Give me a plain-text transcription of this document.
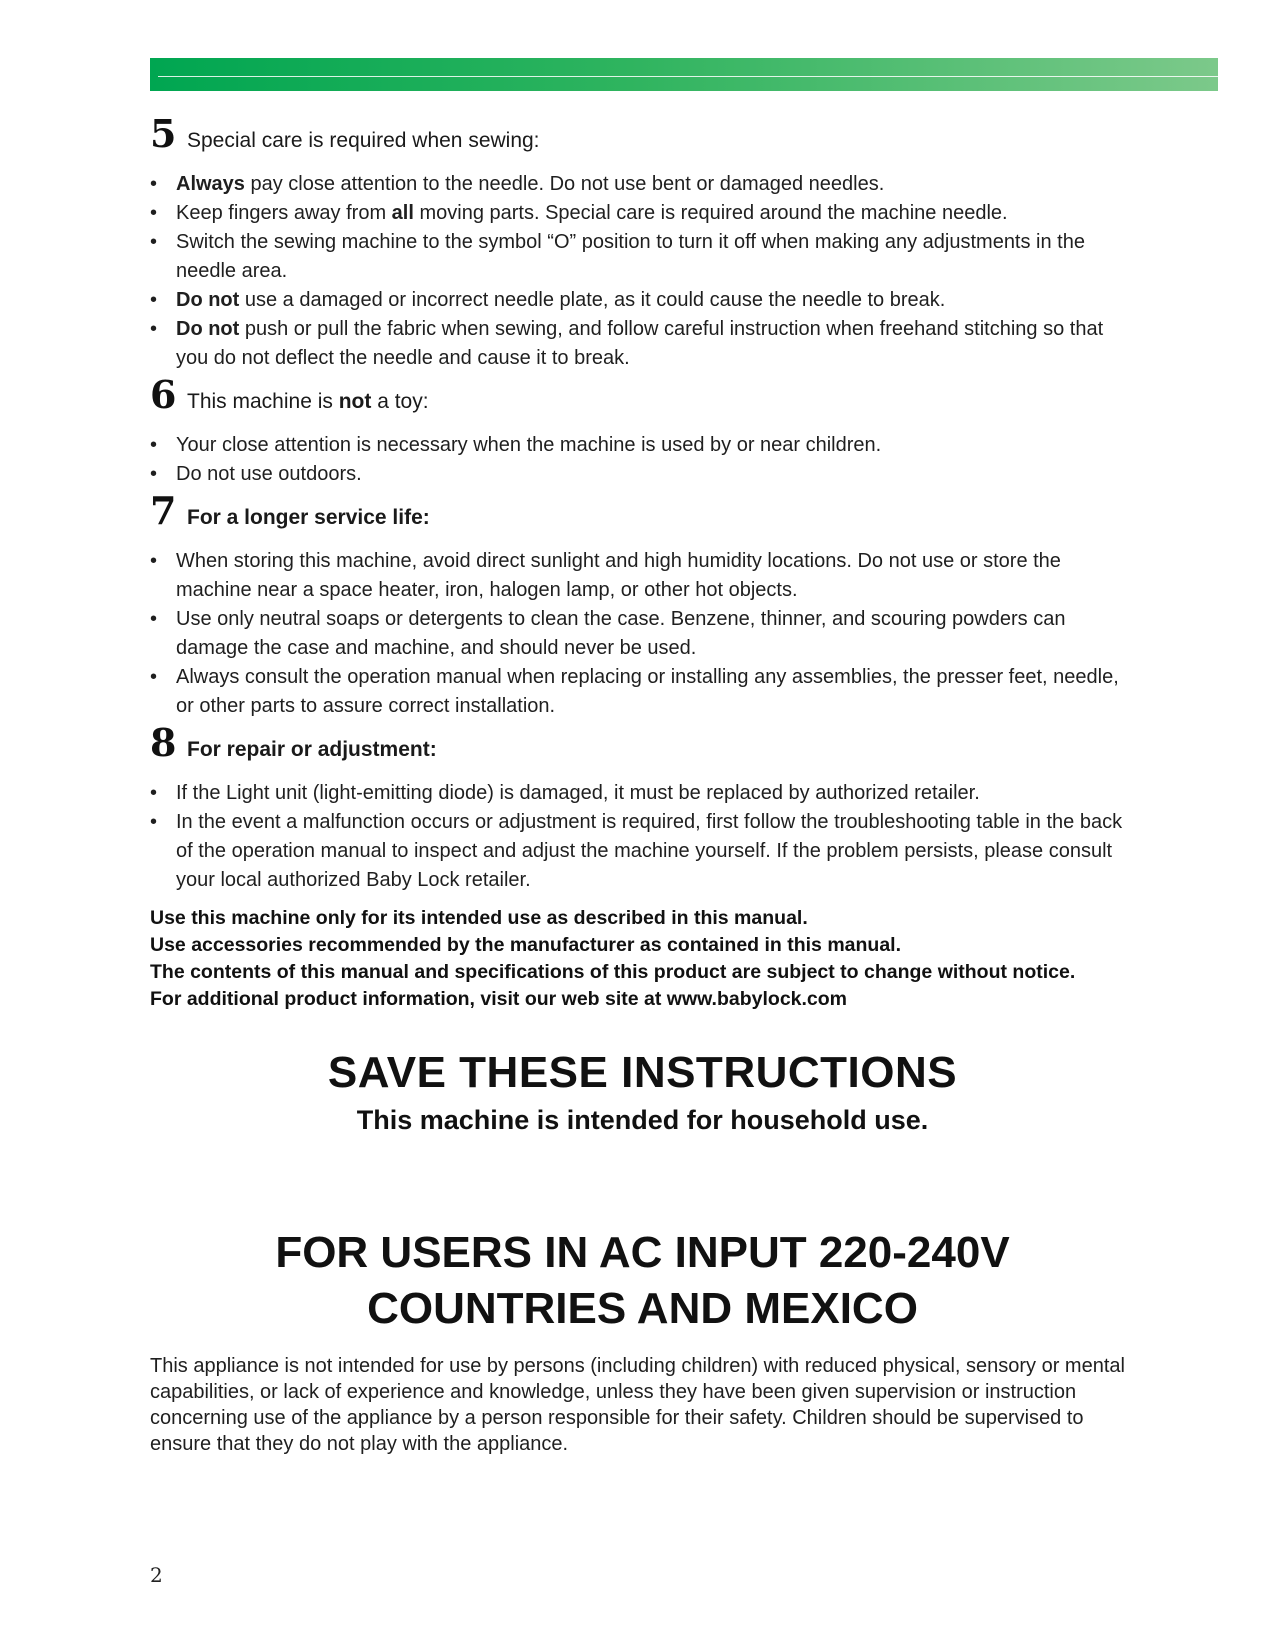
5 Special care is required when sewing:
• Always pay close attention to the needle. Do not use bent or damaged needles.
• Keep fingers away from all moving parts. Special care is required around the machine needle.
• Switch the sewing machine to the symbol “O” position to turn it off when making any adjustments in the needle area.
• Do not use a damaged or incorrect needle plate, as it could cause the needle to break.
• Do not push or pull the fabric when sewing, and follow careful instruction when freehand stitching so that you do not deflect the needle and cause it to break.
6 This machine is not a toy:
• Your close attention is necessary when the machine is used by or near children.
• Do not use outdoors.
7 For a longer service life:
• When storing this machine, avoid direct sunlight and high humidity locations. Do not use or store the machine near a space heater, iron, halogen lamp, or other hot objects.
• Use only neutral soaps or detergents to clean the case. Benzene, thinner, and scouring powders can damage the case and machine, and should never be used.
• Always consult the operation manual when replacing or installing any assemblies, the presser feet, needle, or other parts to assure correct installation.
8 For repair or adjustment:
• If the Light unit (light-emitting diode) is damaged, it must be replaced by authorized retailer.
• In the event a malfunction occurs or adjustment is required, first follow the troubleshooting table in the back of the operation manual to inspect and adjust the machine yourself. If the problem persists, please consult your local authorized Baby Lock retailer.

Use this machine only for its intended use as described in this manual.

Use accessories recommended by the manufacturer as contained in this manual.

The contents of this manual and specifications of this product are subject to change without notice.

For additional product information, visit our web site at www.babylock.com

SAVE THESE INSTRUCTIONS
This machine is intended for household use.
FOR USERS IN AC INPUT 220-240V
COUNTRIES AND MEXICO
This appliance is not intended for use by persons (including children) with reduced physical, sensory or mental capabilities, or lack of experience and knowledge, unless they have been given supervision or instruction concerning use of the appliance by a person responsible for their safety. Children should be supervised to ensure that they do not play with the appliance.
2
